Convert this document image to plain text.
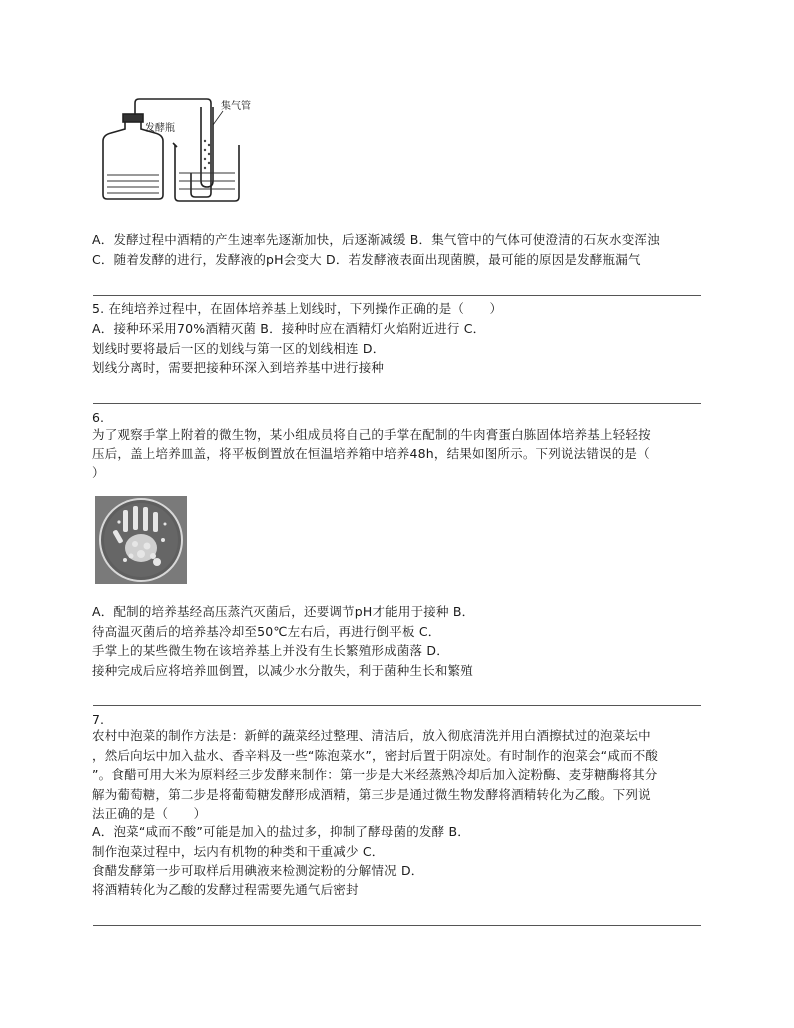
发酵瓶
集气管
A．发酵过程中酒精的产生速率先逐渐加快，后逐渐减缓 B．集气管中的气体可使澄清的石灰水变浑浊
C．随着发酵的进行，发酵液的pH会变大 D．若发酵液表面出现菌膜，最可能的原因是发酵瓶漏气
5. 在纯培养过程中，在固体培养基上划线时，下列操作正确的是（　　）
A．接种环采用70%酒精灭菌 B．接种时应在酒精灯火焰附近进行 C．
划线时要将最后一区的划线与第一区的划线相连 D．
划线分离时，需要把接种环深入到培养基中进行接种
6.
为了观察手掌上附着的微生物，某小组成员将自己的手掌在配制的牛肉膏蛋白胨固体培养基上轻轻按
压后，盖上培养皿盖，将平板倒置放在恒温培养箱中培养48h，结果如图所示。下列说法错误的是（
）
A．配制的培养基经高压蒸汽灭菌后，还要调节pH才能用于接种 B．
待高温灭菌后的培养基冷却至50℃左右后，再进行倒平板 C．
手掌上的某些微生物在该培养基上并没有生长繁殖形成菌落 D．
接种完成后应将培养皿倒置，以减少水分散失，利于菌种生长和繁殖
7.
农村中泡菜的制作方法是：新鲜的蔬菜经过整理、清洁后，放入彻底清洗并用白酒擦拭过的泡菜坛中
，然后向坛中加入盐水、香辛料及一些“陈泡菜水”，密封后置于阴凉处。有时制作的泡菜会“咸而不酸
”。食醋可用大米为原料经三步发酵来制作：第一步是大米经蒸熟冷却后加入淀粉酶、麦芽糖酶将其分
解为葡萄糖，第二步是将葡萄糖发酵形成酒精，第三步是通过微生物发酵将酒精转化为乙酸。下列说
法正确的是（　　）
A．泡菜“咸而不酸”可能是加入的盐过多，抑制了酵母菌的发酵 B．
制作泡菜过程中，坛内有机物的种类和干重减少 C．
食醋发酵第一步可取样后用碘液来检测淀粉的分解情况 D．
将酒精转化为乙酸的发酵过程需要先通气后密封
